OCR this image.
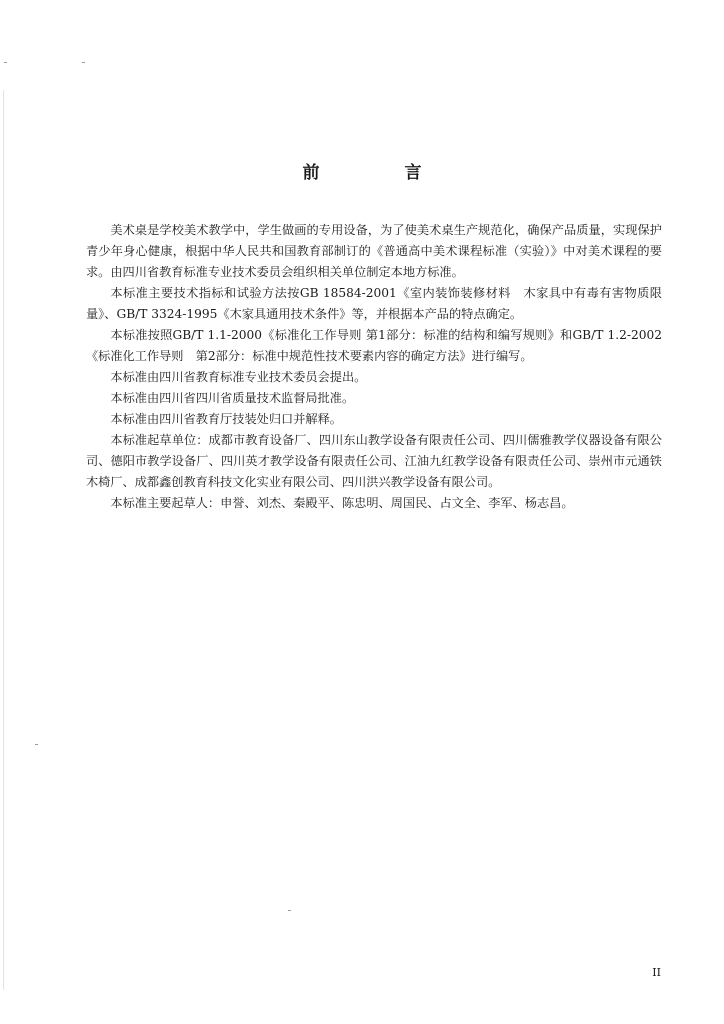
前　言

美术桌是学校美术教学中，学生做画的专用设备，为了使美术桌生产规范化，确保产品质量，实现保护青少年身心健康，根据中华人民共和国教育部制订的《普通高中美术课程标准（实验）》中对美术课程的要求。由四川省教育标准专业技术委员会组织相关单位制定本地方标准。

本标准主要技术指标和试验方法按GB 18584-2001《室内装饰装修材料　木家具中有毒有害物质限量》、GB/T 3324-1995《木家具通用技术条件》等，并根据本产品的特点确定。

本标准按照GB/T 1.1-2000《标准化工作导则 第1部分：标准的结构和编写规则》和GB/T 1.2-2002《标准化工作导则　第2部分：标准中规范性技术要素内容的确定方法》进行编写。

本标准由四川省教育标准专业技术委员会提出。

本标准由四川省四川省质量技术监督局批准。

本标准由四川省教育厅技装处归口并解释。

本标准起草单位：成都市教育设备厂、四川东山教学设备有限责任公司、四川儒雅教学仪器设备有限公司、德阳市教学设备厂、四川英才教学设备有限责任公司、江油九红教学设备有限责任公司、崇州市元通铁木椅厂、成都鑫创教育科技文化实业有限公司、四川洪兴教学设备有限公司。

本标准主要起草人：申誉、刘杰、秦殿平、陈忠明、周国民、占文全、李军、杨志昌。

II
